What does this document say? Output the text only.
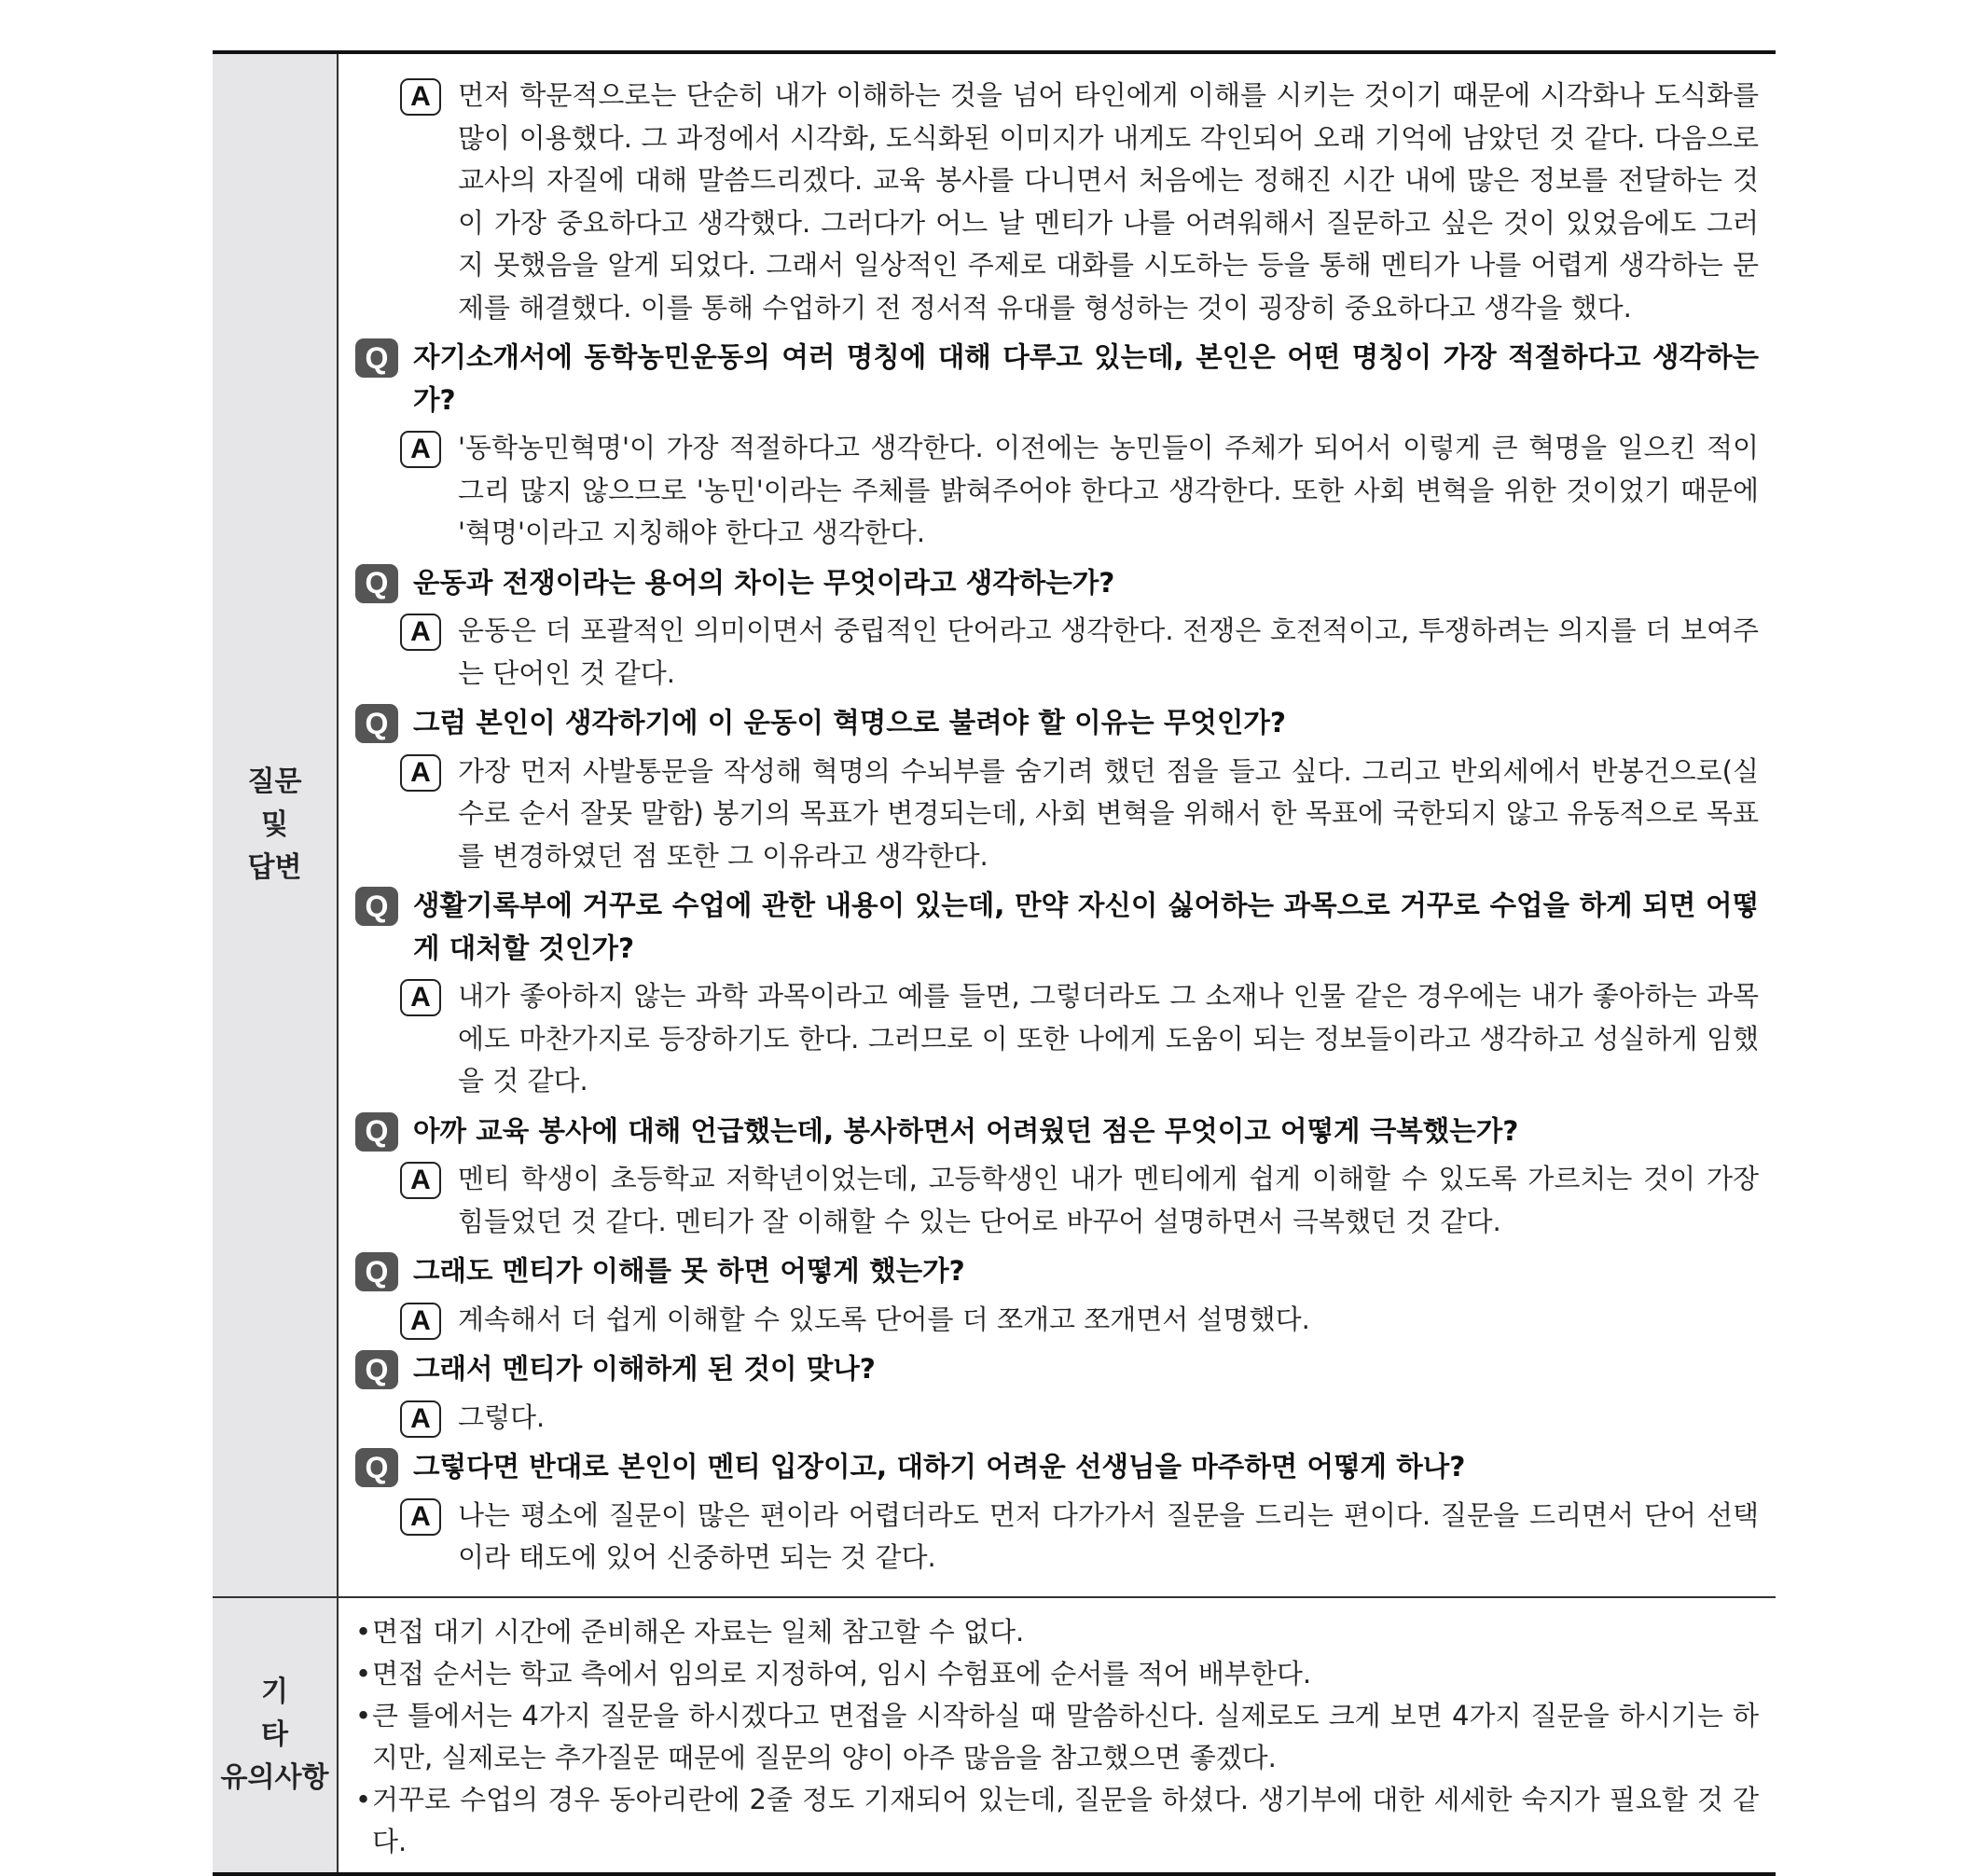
질문
및
답변
A	먼저 학문적으로는 단순히 내가 이해하는 것을 넘어 타인에게 이해를 시키는 것이기 때문에 시각화나 도식화를 많이 이용했다. 그 과정에서 시각화, 도식화된 이미지가 내게도 각인되어 오래 기억에 남았던 것 같다. 다음으로 교사의 자질에 대해 말씀드리겠다. 교육 봉사를 다니면서 처음에는 정해진 시간 내에 많은 정보를 전달하는 것이 가장 중요하다고 생각했다. 그러다가 어느 날 멘티가 나를 어려워해서 질문하고 싶은 것이 있었음에도 그러지 못했음을 알게 되었다. 그래서 일상적인 주제로 대화를 시도하는 등을 통해 멘티가 나를 어렵게 생각하는 문제를 해결했다. 이를 통해 수업하기 전 정서적 유대를 형성하는 것이 굉장히 중요하다고 생각을 했다.
Q 자기소개서에 동학농민운동의 여러 명칭에 대해 다루고 있는데, 본인은 어떤 명칭이 가장 적절하다고 생각하는가?
A	'동학농민혁명'이 가장 적절하다고 생각한다. 이전에는 농민들이 주체가 되어서 이렇게 큰 혁명을 일으킨 적이 그리 많지 않으므로 '농민'이라는 주체를 밝혀주어야 한다고 생각한다. 또한 사회 변혁을 위한 것이었기 때문에 '혁명'이라고 지칭해야 한다고 생각한다.
Q 운동과 전쟁이라는 용어의 차이는 무엇이라고 생각하는가?
A	운동은 더 포괄적인 의미이면서 중립적인 단어라고 생각한다. 전쟁은 호전적이고, 투쟁하려는 의지를 더 보여주는 단어인 것 같다.
Q 그럼 본인이 생각하기에 이 운동이 혁명으로 불려야 할 이유는 무엇인가?
A	가장 먼저 사발통문을 작성해 혁명의 수뇌부를 숨기려 했던 점을 들고 싶다. 그리고 반외세에서 반봉건으로(실수로 순서 잘못 말함) 봉기의 목표가 변경되는데, 사회 변혁을 위해서 한 목표에 국한되지 않고 유동적으로 목표를 변경하였던 점 또한 그 이유라고 생각한다.
Q 생활기록부에 거꾸로 수업에 관한 내용이 있는데, 만약 자신이 싫어하는 과목으로 거꾸로 수업을 하게 되면 어떻게 대처할 것인가?
A	내가 좋아하지 않는 과학 과목이라고 예를 들면, 그렇더라도 그 소재나 인물 같은 경우에는 내가 좋아하는 과목에도 마찬가지로 등장하기도 한다. 그러므로 이 또한 나에게 도움이 되는 정보들이라고 생각하고 성실하게 임했을 것 같다.
Q 아까 교육 봉사에 대해 언급했는데, 봉사하면서 어려웠던 점은 무엇이고 어떻게 극복했는가?
A	멘티 학생이 초등학교 저학년이었는데, 고등학생인 내가 멘티에게 쉽게 이해할 수 있도록 가르치는 것이 가장 힘들었던 것 같다. 멘티가 잘 이해할 수 있는 단어로 바꾸어 설명하면서 극복했던 것 같다.
Q 그래도 멘티가 이해를 못 하면 어떻게 했는가?
A	계속해서 더 쉽게 이해할 수 있도록 단어를 더 쪼개고 쪼개면서 설명했다.
Q 그래서 멘티가 이해하게 된 것이 맞나?
A	그렇다.
Q 그렇다면 반대로 본인이 멘티 입장이고, 대하기 어려운 선생님을 마주하면 어떻게 하나?
A	나는 평소에 질문이 많은 편이라 어렵더라도 먼저 다가가서 질문을 드리는 편이다. 질문을 드리면서 단어 선택이라 태도에 있어 신중하면 되는 것 같다.
기 타
유의사항
• 면접 대기 시간에 준비해온 자료는 일체 참고할 수 없다.
• 면접 순서는 학교 측에서 임의로 지정하여, 임시 수험표에 순서를 적어 배부한다.
• 큰 틀에서는 4가지 질문을 하시겠다고 면접을 시작하실 때 말씀하신다. 실제로도 크게 보면 4가지 질문을 하시기는 하지만, 실제로는 추가질문 때문에 질문의 양이 아주 많음을 참고했으면 좋겠다.
• 거꾸로 수업의 경우 동아리란에 2줄 정도 기재되어 있는데, 질문을 하셨다. 생기부에 대한 세세한 숙지가 필요할 것 같다.
